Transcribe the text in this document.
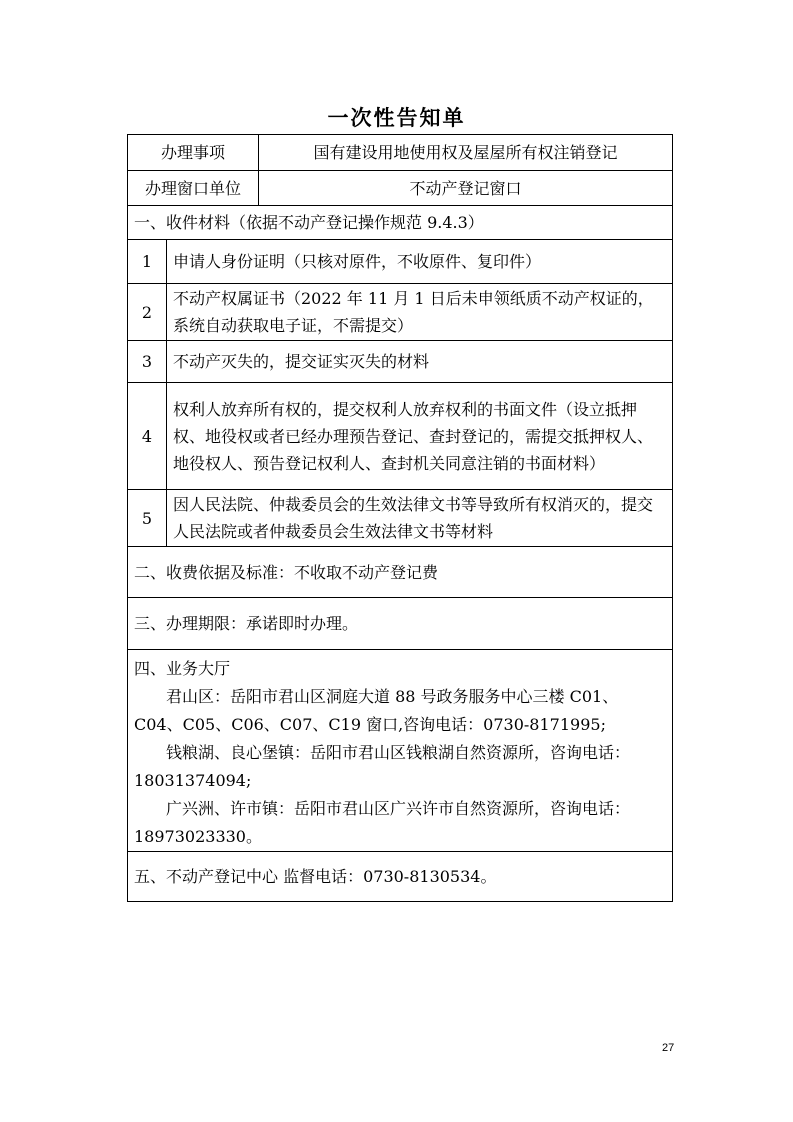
一次性告知单
办理事项		国有建设用地使用权及屋屋所有权注销登记
办理窗口单位		不动产登记窗口
一、收件材料（依据不动产登记操作规范 9.4.3）		
1	申请人身份证明（只核对原件，不收原件、复印件）	
2	不动产权属证书（2022 年 11 月 1 日后未申领纸质不动产权证的，系统自动获取电子证，不需提交）	
3	不动产灭失的，提交证实灭失的材料	
4	权利人放弃所有权的，提交权利人放弃权利的书面文件（设立抵押权、地役权或者已经办理预告登记、查封登记的，需提交抵押权人、地役权人、预告登记权利人、查封机关同意注销的书面材料）	
5	因人民法院、仲裁委员会的生效法律文书等导致所有权消灭的，提交人民法院或者仲裁委员会生效法律文书等材料	
二、收费依据及标准：不收取不动产登记费		
三、办理期限：承诺即时办理。		

四、业务大厅

君山区：岳阳市君山区洞庭大道 88 号政务服务中心三楼 C01、C04、C05、C06、C07、C19 窗口,咨询电话：0730-8171995;

钱粮湖、良心堡镇：岳阳市君山区钱粮湖自然资源所，咨询电话：18031374094;

广兴洲、许市镇：岳阳市君山区广兴许市自然资源所，咨询电话：18973023330。		

五、不动产登记中心 监督电话：0730-8130534。		
27
